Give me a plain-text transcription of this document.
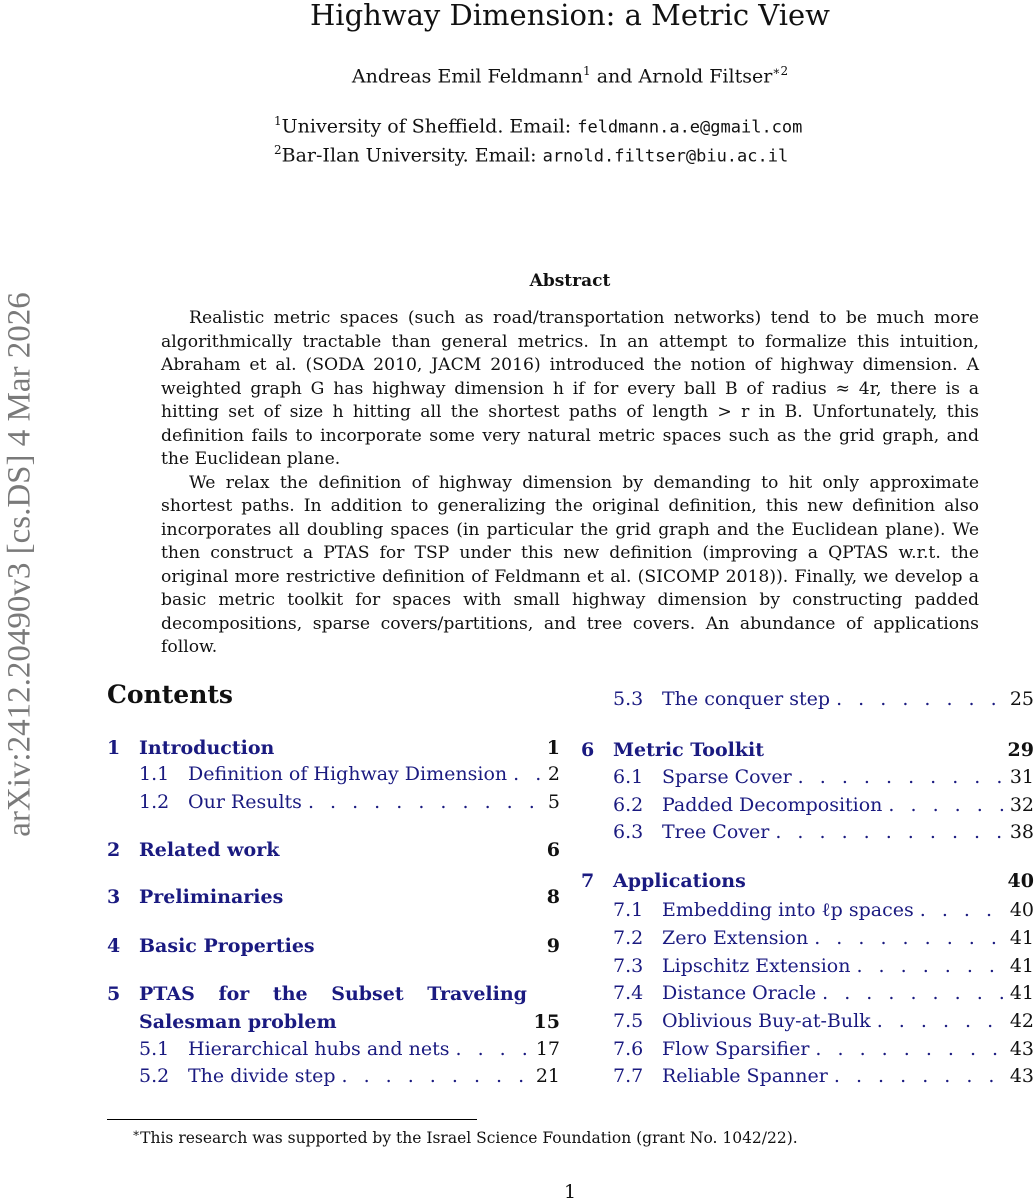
arXiv:2412.20490v3 [cs.DS] 4 Mar 2026
Highway Dimension: a Metric View
Andreas Emil Feldmann$^1$ and Arnold Filtser$^{∗2}$
$^1$University of Sheffield. Email: feldmann.a.e@gmail.com
$^2$Bar-Ilan University. Email: arnold.filtser@biu.ac.il
Abstract

Realistic metric spaces (such as road/transportation networks) tend to be much more algorithmically tractable than general metrics. In an attempt to formalize this intuition, Abraham et al. (SODA 2010, JACM 2016) introduced the notion of highway dimension. A weighted graph G has highway dimension h if for every ball B of radius ≈ 4r, there is a hitting set of size h hitting all the shortest paths of length > r in B. Unfortunately, this definition fails to incorporate some very natural metric spaces such as the grid graph, and the Euclidean plane.

We relax the definition of highway dimension by demanding to hit only approximate shortest paths. In addition to generalizing the original definition, this new definition also incorporates all doubling spaces (in particular the grid graph and the Euclidean plane). We then construct a PTAS for TSP under this new definition (improving a QPTAS w.r.t. the original more restrictive definition of Feldmann et al. (SICOMP 2018)). Finally, we develop a basic metric toolkit for spaces with small highway dimension by constructing padded decompositions, sparse covers/partitions, and tree covers. An abundance of applications follow.

Contents
1 Introduction	1
1.1 Definition of Highway Dimension . . . 2
1.2 Our Results . . .	5
2 Related work	6
3 Preliminaries	8
4 Basic Properties	9
5 PTAS for the Subset Traveling
Salesman problem	15
5.1 Hierarchical hubs and nets . . .	17
5.2 The divide step . . .	21
5.3 The conquer step . . .	25
6 Metric Toolkit	29
6.1 Sparse Cover . . .	31
6.2 Padded Decomposition . . .	32
6.3 Tree Cover . . .	38
7 Applications	40
7.1 Embedding into ℓp spaces . . .	40
7.2 Zero Extension . . .	41
7.3 Lipschitz Extension . . .	41
7.4 Distance Oracle . . .	41
7.5 Oblivious Buy-at-Bulk . . .	42
7.6 Flow Sparsifier . . .	43
7.7 Reliable Spanner . . .	43
∗This research was supported by the Israel Science Foundation (grant No. 1042/22).
1
